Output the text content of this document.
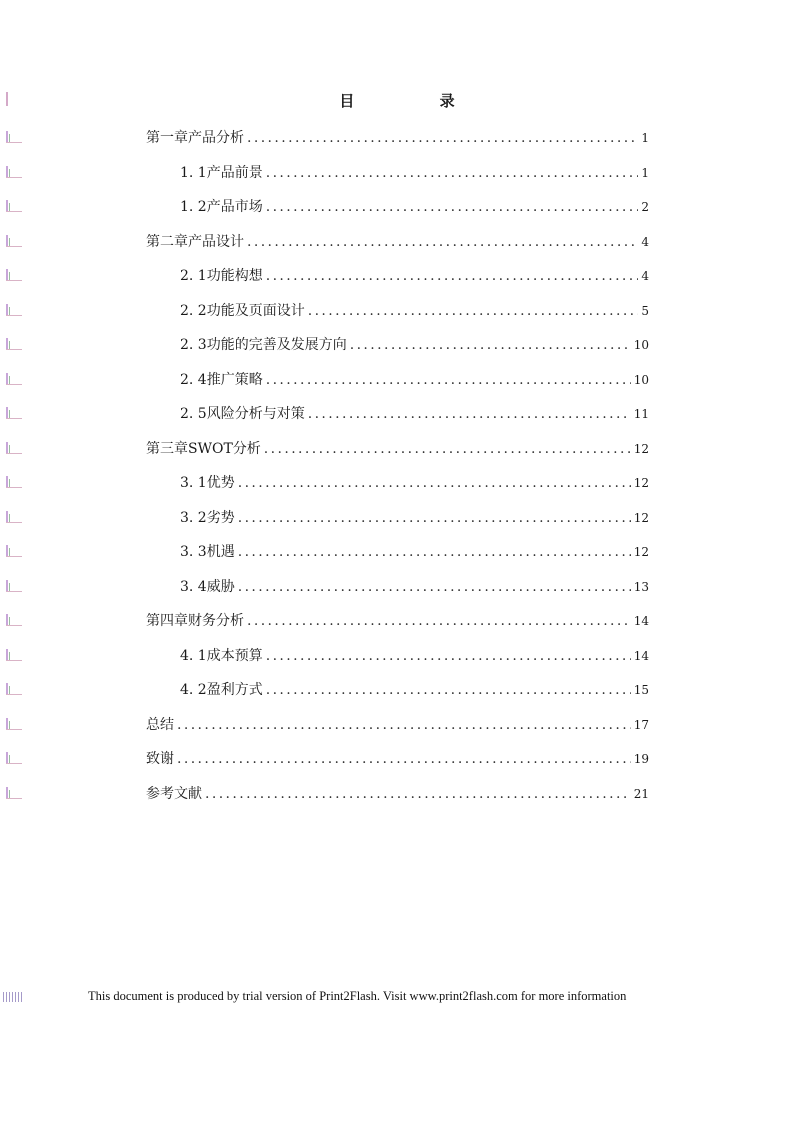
目 录
第一章产品分析 .....	1
1. 1产品前景 .....	1
1. 2产品市场 .....	2
第二章产品设计 .....	4
2. 1功能构想 .....	4
2. 2功能及页面设计 .....	5
2. 3功能的完善及发展方向 .....	10
2. 4推广策略 .....	10
2. 5风险分析与对策 .....	11
第三章SWOT分析 .....	12
3. 1优势 .....	12
3. 2劣势 .....	12
3. 3机遇 .....	12
3. 4威胁 .....	13
第四章财务分析 .....	14
4. 1成本预算 .....	14
4. 2盈利方式 .....	15
总结 .....	17
致谢 .....	19
参考文献 .....	21
This document is produced by trial version of Print2Flash. Visit www.print2flash.com for more information
